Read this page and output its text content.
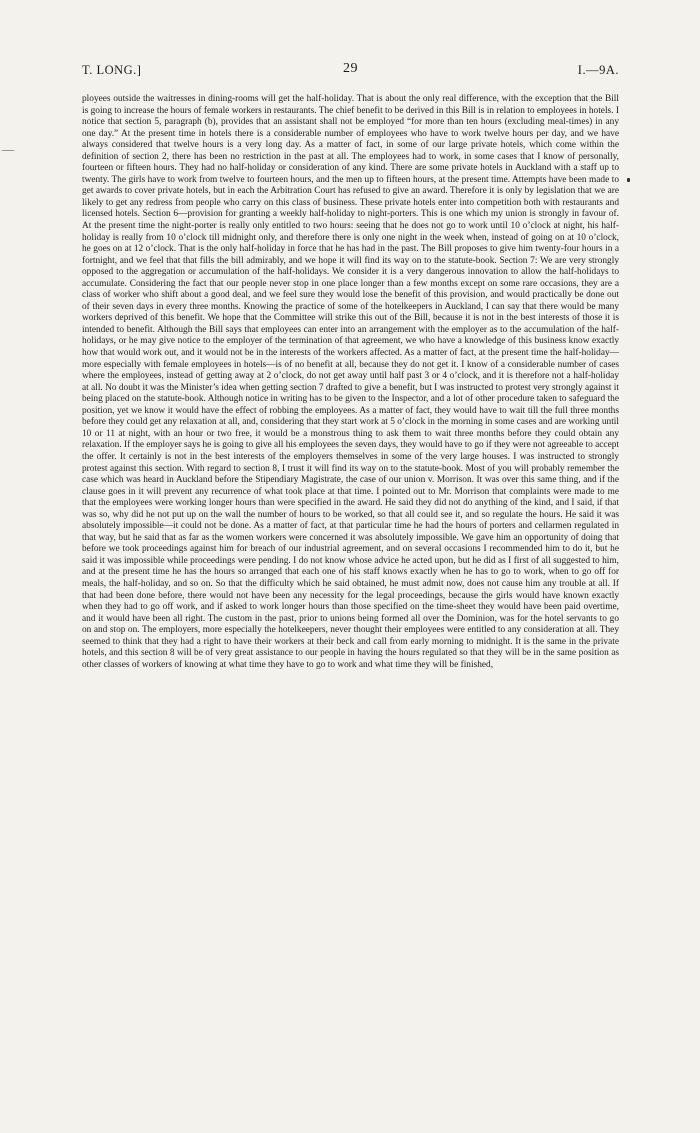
T. LONG.]	29	I.—9A.
—

ployees outside the waitresses in dining-rooms will get the half-holiday. That is about the only real difference, with the exception that the Bill is going to increase the hours of female workers in restaurants. The chief benefit to be derived in this Bill is in relation to employees in hotels. I notice that section 5, paragraph (b), provides that an assistant shall not be employed “for more than ten hours (excluding meal-times) in any one day.” At the present time in hotels there is a considerable number of employees who have to work twelve hours per day, and we have always considered that twelve hours is a very long day. As a matter of fact, in some of our large private hotels, which come within the definition of section 2, there has been no restriction in the past at all. The employees had to work, in some cases that I know of personally, fourteen or fifteen hours. They had no half-holiday or consideration of any kind. There are some private hotels in Auckland with a staff up to twenty. The girls have to work from twelve to fourteen hours, and the men up to fifteen hours, at the present time. Attempts have been made to get awards to cover private hotels, but in each the Arbitration Court has refused to give an award. Therefore it is only by legislation that we are likely to get any redress from people who carry on this class of business. These private hotels enter into competition both with restaurants and licensed hotels. Section 6—provision for granting a weekly half-holiday to night-porters. This is one which my union is strongly in favour of. At the present time the night-porter is really only entitled to two hours: seeing that he does not go to work until 10 o’clock at night, his half-holiday is really from 10 o’clock till midnight only, and therefore there is only one night in the week when, instead of going on at 10 o’clock, he goes on at 12 o’clock. That is the only half-holiday in force that he has had in the past. The Bill proposes to give him twenty-four hours in a fortnight, and we feel that that fills the bill admirably, and we hope it will find its way on to the statute-book. Section 7: We are very strongly opposed to the aggregation or accumulation of the half-holidays. We consider it is a very dangerous innovation to allow the half-holidays to accumulate. Considering the fact that our people never stop in one place longer than a few months except on some rare occasions, they are a class of worker who shift about a good deal, and we feel sure they would lose the benefit of this provision, and would practically be done out of their seven days in every three months. Knowing the practice of some of the hotelkeepers in Auckland, I can say that there would be many workers deprived of this benefit. We hope that the Committee will strike this out of the Bill, because it is not in the best interests of those it is intended to benefit. Although the Bill says that employees can enter into an arrangement with the employer as to the accumulation of the half-holidays, or he may give notice to the employer of the termination of that agreement, we who have a knowledge of this business know exactly how that would work out, and it would not be in the interests of the workers affected. As a matter of fact, at the present time the half-holiday—more especially with female employees in hotels—is of no benefit at all, because they do not get it. I know of a considerable number of cases where the employees, instead of getting away at 2 o’clock, do not get away until half past 3 or 4 o’clock, and it is therefore not a half-holiday at all. No doubt it was the Minister’s idea when getting section 7 drafted to give a benefit, but I was instructed to protest very strongly against it being placed on the statute-book. Although notice in writing has to be given to the Inspector, and a lot of other procedure taken to safeguard the position, yet we know it would have the effect of robbing the employees. As a matter of fact, they would have to wait till the full three months before they could get any relaxation at all, and, considering that they start work at 5 o’clock in the morning in some cases and are working until 10 or 11 at night, with an hour or two free, it would be a monstrous thing to ask them to wait three months before they could obtain any relaxation. If the employer says he is going to give all his employees the seven days, they would have to go if they were not agreeable to accept the offer. It certainly is not in the best interests of the employers themselves in some of the very large houses. I was instructed to strongly protest against this section. With regard to section 8, I trust it will find its way on to the statute-book. Most of you will probably remember the case which was heard in Auckland before the Stipendiary Magistrate, the case of our union v. Morrison. It was over this same thing, and if the clause goes in it will prevent any recurrence of what took place at that time. I pointed out to Mr. Morrison that complaints were made to me that the employees were working longer hours than were specified in the award. He said they did not do anything of the kind, and I said, if that was so, why did he not put up on the wall the number of hours to be worked, so that all could see it, and so regulate the hours. He said it was absolutely impossible—it could not be done. As a matter of fact, at that particular time he had the hours of porters and cellarmen regulated in that way, but he said that as far as the women workers were concerned it was absolutely impossible. We gave him an opportunity of doing that before we took proceedings against him for breach of our industrial agreement, and on several occasions I recommended him to do it, but he said it was impossible while proceedings were pending. I do not know whose advice he acted upon, but he did as I first of all suggested to him, and at the present time he has the hours so arranged that each one of his staff knows exactly when he has to go to work, when to go off for meals, the half-holiday, and so on. So that the difficulty which he said obtained, he must admit now, does not cause him any trouble at all. If that had been done before, there would not have been any necessity for the legal proceedings, because the girls would have known exactly when they had to go off work, and if asked to work longer hours than those specified on the time-sheet they would have been paid overtime, and it would have been all right. The custom in the past, prior to unions being formed all over the Dominion, was for the hotel servants to go on and stop on. The employers, more especially the hotelkeepers, never thought their employees were entitled to any consideration at all. They seemed to think that they had a right to have their workers at their beck and call from early morning to midnight. It is the same in the private hotels, and this section 8 will be of very great assistance to our people in having the hours regulated so that they will be in the same position as other classes of workers of knowing at what time they have to go to work and what time they will be finished,
